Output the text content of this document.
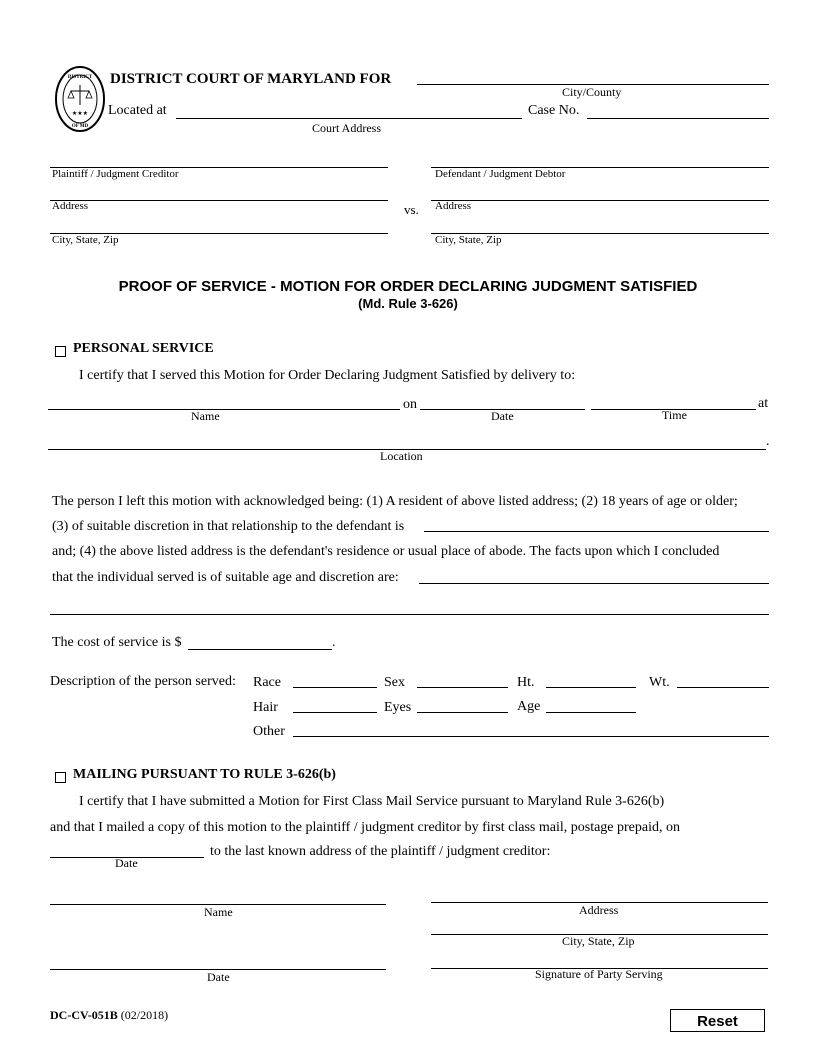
DISTRICT
OF MD
★★★
DISTRICT COURT OF MARYLAND FOR
City/County
Located at
Court Address
Case No.
Plaintiff / Judgment Creditor
Address
City, State, Zip
vs.
Defendant / Judgment Debtor
Address
City, State, Zip
PROOF OF SERVICE - MOTION FOR ORDER DECLARING JUDGMENT SATISFIED
(Md. Rule 3-626)
PERSONAL SERVICE
I certify that I served this Motion for Order Declaring Judgment Satisfied by delivery to:
on	at
Name	Date	Time
.
Location
The person I left this motion with acknowledged being: (1) A resident of above listed address; (2) 18 years of age or older;
(3) of suitable discretion in that relationship to the defendant is
and; (4) the above listed address is the defendant's residence or usual place of abode. The facts upon which I concluded
that the individual served is of suitable age and discretion are:
The cost of service is $	.
Description of the person served: Race	Sex	Ht.	Wt.
Hair	Eyes	Age
Other
MAILING PURSUANT TO RULE 3-626(b)
I certify that I have submitted a Motion for First Class Mail Service pursuant to Maryland Rule 3-626(b)
and that I mailed a copy of this motion to the plaintiff / judgment creditor by first class mail, postage prepaid, on
to the last known address of the plaintiff / judgment creditor:
Date
Name	Address
City, State, Zip
Date	Signature of Party Serving
DC-CV-051B (02/2018)	Reset
